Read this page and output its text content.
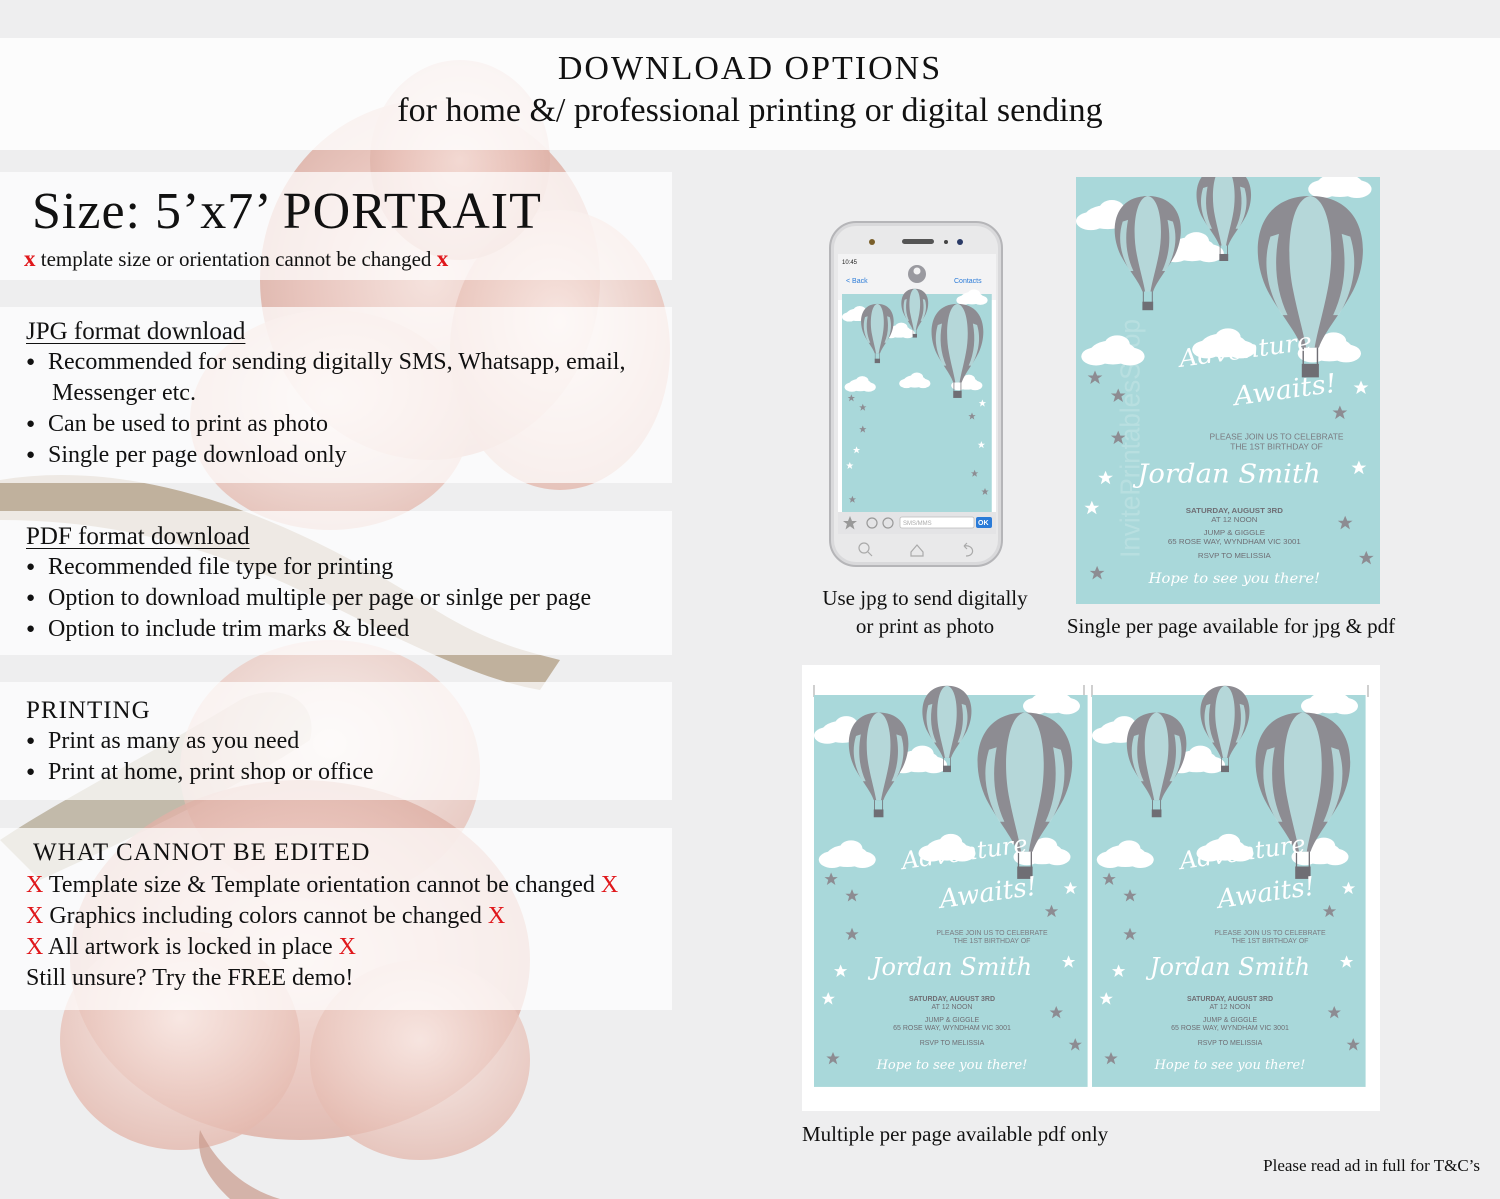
DOWNLOAD OPTIONS
for home &/ professional printing or digital sending
Size: 5’x7’ PORTRAIT
x template size or orientation cannot be changed x
JPG format download
● Recommended for sending digitally SMS, Whatsapp, email,
Messenger etc.
● Can be used to print as photo
● Single per page download only
PDF format download
● Recommended file type for printing
● Option to download multiple per page or sinlge per page
● Option to include trim marks & bleed
PRINTING
● Print as many as you need
● Print at home, print shop or office
WHAT CANNOT BE EDITED
X Template size & Template orientation cannot be changed X
X Graphics including colors cannot be changed X
X All artwork is locked in place X
Still unsure? Try the FREE demo!
10:45
< Back	Contacts
SMS/MMS	OK
Adventure
Awaits!
PLEASE JOIN US TO CELEBRATE
THE 1ST BIRTHDAY OF
Jordan Smith
SATURDAY, AUGUST 3RD
AT 12 NOON
JUMP & GIGGLE
65 ROSE WAY, WYNDHAM VIC 3001
RSVP TO MELISSIA
Hope to see you there!
InvitePrintablesShop
Adventure
Awaits!
Adventure
Awaits!
PLEASE JOIN US TO CELEBRATE
THE 1ST BIRTHDAY OF
PLEASE JOIN US TO CELEBRATE
THE 1ST BIRTHDAY OF
Jordan Smith	Jordan Smith
SATURDAY, AUGUST 3RD
AT 12 NOON
JUMP & GIGGLE
65 ROSE WAY, WYNDHAM VIC 3001
RSVP TO MELISSIA
Hope to see you there!
SATURDAY, AUGUST 3RD
AT 12 NOON
JUMP & GIGGLE
65 ROSE WAY, WYNDHAM VIC 3001
RSVP TO MELISSIA
Hope to see you there!
Use jpg to send digitally
or print as photo	Single per page available for jpg & pdf
Multiple per page available pdf only
Please read ad in full for T&C’s
